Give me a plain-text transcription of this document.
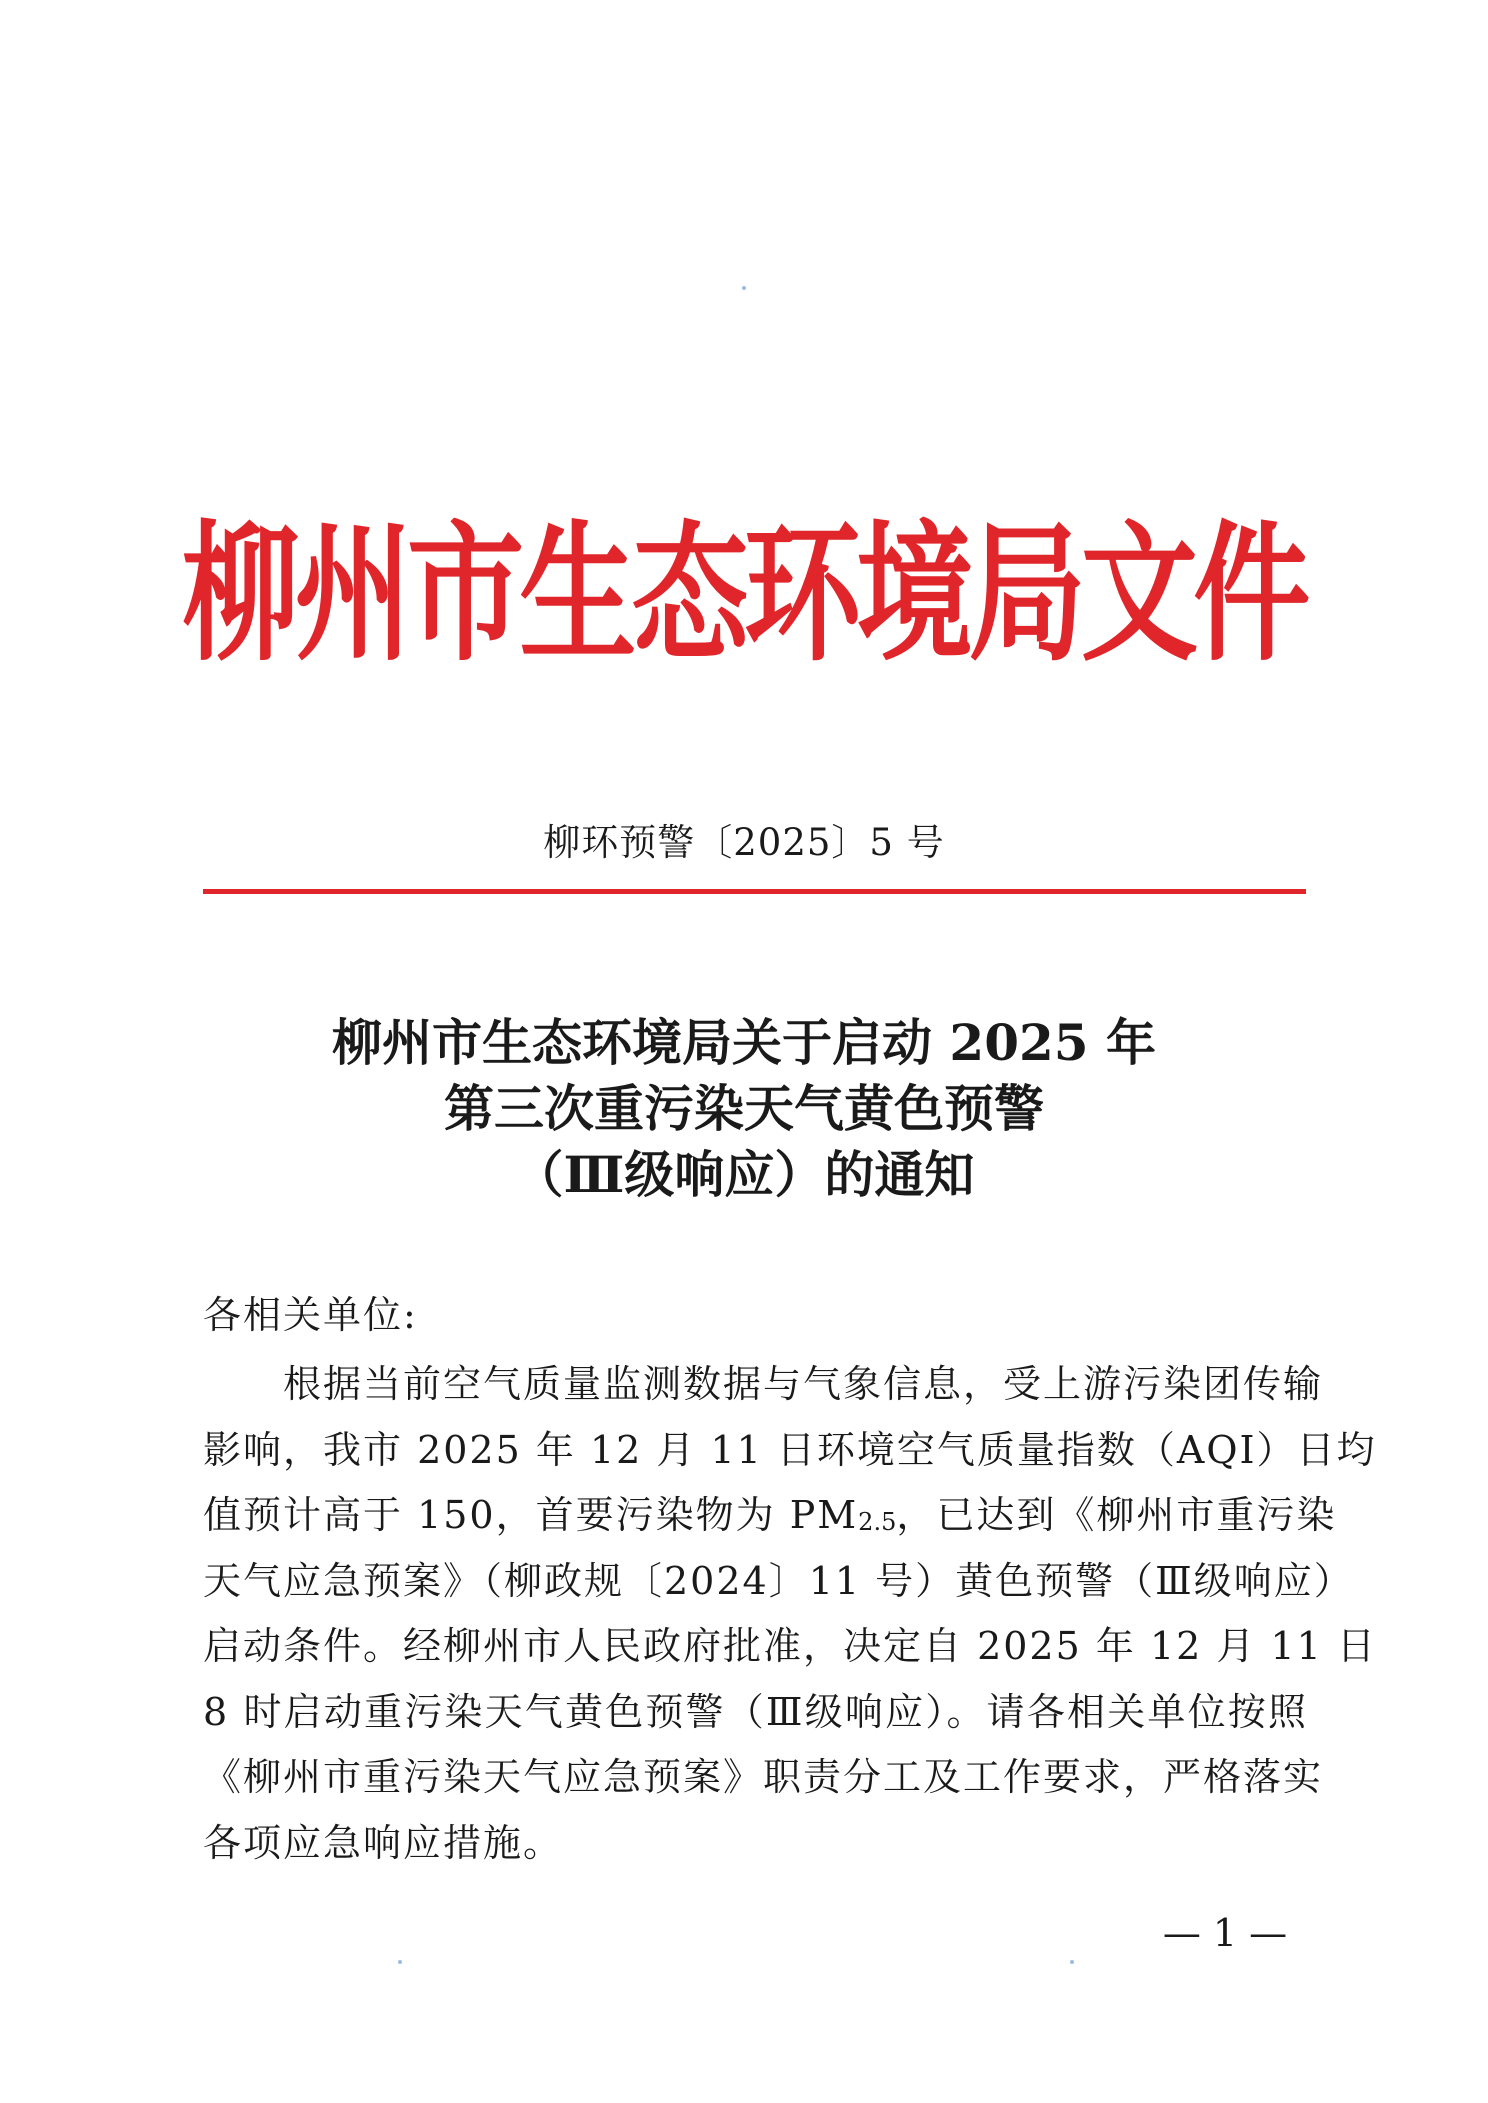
柳州市生态环境局文件
柳环预警〔2025〕5 号
柳州市生态环境局关于启动 2025 年
第三次重污染天气黄色预警
（Ⅲ级响应）的通知
各相关单位:
根据当前空气质量监测数据与气象信息，受上游污染团传输
影响，我市 2025 年 12 月 11 日环境空气质量指数（AQI）日均
值预计高于 150，首要污染物为 PM2.5，已达到《柳州市重污染
天气应急预案》（柳政规〔2024〕11 号）黄色预警（Ⅲ级响应）
启动条件。经柳州市人民政府批准，决定自 2025 年 12 月 11 日
8 时启动重污染天气黄色预警（Ⅲ级响应）。请各相关单位按照
《柳州市重污染天气应急预案》职责分工及工作要求，严格落实
各项应急响应措施。
— 1 —
